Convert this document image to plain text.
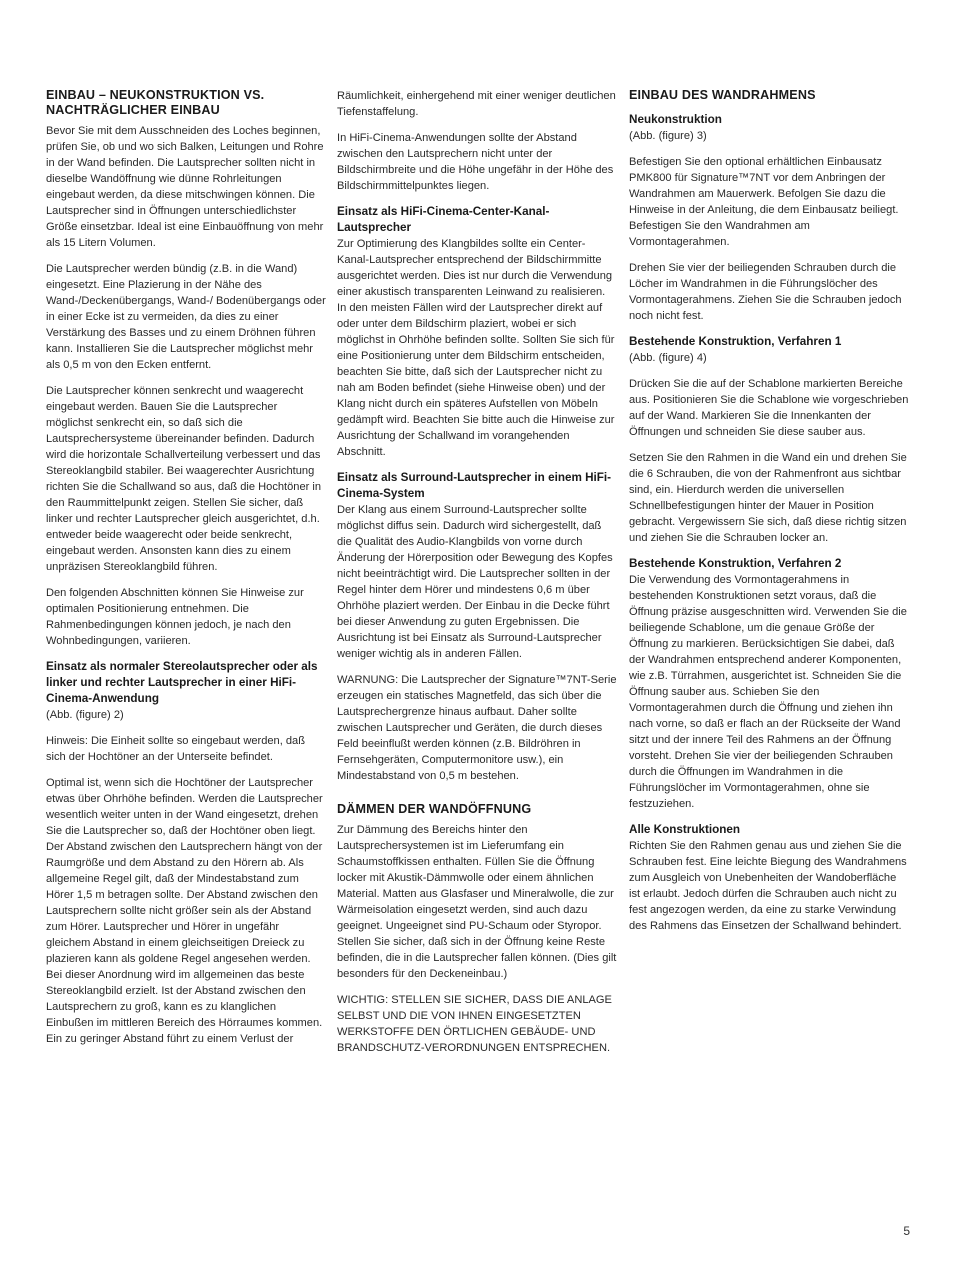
EINBAU – NEUKONSTRUKTION VS. NACHTRÄGLICHER EINBAU

Bevor Sie mit dem Ausschneiden des Loches beginnen, prüfen Sie, ob und wo sich Balken, Leitungen und Rohre in der Wand befinden. Die Lautsprecher sollten nicht in dieselbe Wandöffnung wie dünne Rohrleitungen eingebaut werden, da diese mitschwingen können. Die Lautsprecher sind in Öffnungen unterschiedlichster Größe einsetzbar. Ideal ist eine Einbauöffnung von mehr als 15 Litern Volumen.

Die Lautsprecher werden bündig (z.B. in die Wand) eingesetzt. Eine Plazierung in der Nähe des Wand-/Deckenübergangs, Wand-/ Bodenübergangs oder in einer Ecke ist zu vermeiden, da dies zu einer Verstärkung des Basses und zu einem Dröhnen führen kann. Installieren Sie die Lautsprecher möglichst mehr als 0,5 m von den Ecken entfernt.

Die Lautsprecher können senkrecht und waagerecht eingebaut werden. Bauen Sie die Lautsprecher möglichst senkrecht ein, so daß sich die Lautsprechersysteme übereinander befinden. Dadurch wird die horizontale Schallverteilung verbessert und das Stereoklangbild stabiler. Bei waagerechter Ausrichtung richten Sie die Schallwand so aus, daß die Hochtöner in den Raummittelpunkt zeigen. Stellen Sie sicher, daß linker und rechter Lautsprecher gleich ausgerichtet, d.h. entweder beide waagerecht oder beide senkrecht, eingebaut werden. Ansonsten kann dies zu einem unpräzisen Stereoklangbild führen.

Den folgenden Abschnitten können Sie Hinweise zur optimalen Positionierung entnehmen. Die Rahmenbedingungen können jedoch, je nach den Wohnbedingungen, variieren.

Einsatz als normaler Stereolautsprecher oder als linker und rechter Lautsprecher in einer HiFi-Cinema-Anwendung

(Abb. (figure) 2)

Hinweis: Die Einheit sollte so eingebaut werden, daß sich der Hochtöner an der Unterseite befindet.

Optimal ist, wenn sich die Hochtöner der Lautsprecher etwas über Ohrhöhe befinden. Werden die Lautsprecher wesentlich weiter unten in der Wand eingesetzt, drehen Sie die Lautsprecher so, daß der Hochtöner oben liegt. Der Abstand zwischen den Lautsprechern hängt von der Raumgröße und dem Abstand zu den Hörern ab. Als allgemeine Regel gilt, daß der Mindestabstand zum Hörer 1,5 m betragen sollte. Der Abstand zwischen den Lautsprechern sollte nicht größer sein als der Abstand zum Hörer. Lautsprecher und Hörer in ungefähr gleichem Abstand in einem gleichseitigen Dreieck zu plazieren kann als goldene Regel angesehen werden. Bei dieser Anordnung wird im allgemeinen das beste Stereoklangbild erzielt. Ist der Abstand zwischen den Lautsprechern zu groß, kann es zu klanglichen Einbußen im mittleren Bereich des Hörraumes kommen. Ein zu geringer Abstand führt zu einem Verlust der

Räumlichkeit, einhergehend mit einer weniger deutlichen Tiefenstaffelung.

In HiFi-Cinema-Anwendungen sollte der Abstand zwischen den Lautsprechern nicht unter der Bildschirmbreite und die Höhe ungefähr in der Höhe des Bildschirmmittelpunktes liegen.

Einsatz als HiFi-Cinema-Center-Kanal-Lautsprecher

Zur Optimierung des Klangbildes sollte ein Center-Kanal-Lautsprecher entsprechend der Bildschirmmitte ausgerichtet werden. Dies ist nur durch die Verwendung einer akustisch transparenten Leinwand zu realisieren. In den meisten Fällen wird der Lautsprecher direkt auf oder unter dem Bildschirm plaziert, wobei er sich möglichst in Ohrhöhe befinden sollte. Sollten Sie sich für eine Positionierung unter dem Bildschirm entscheiden, beachten Sie bitte, daß sich der Lautsprecher nicht zu nah am Boden befindet (siehe Hinweise oben) und der Klang nicht durch ein späteres Aufstellen von Möbeln gedämpft wird. Beachten Sie bitte auch die Hinweise zur Ausrichtung der Schallwand im vorangehenden Abschnitt.

Einsatz als Surround-Lautsprecher in einem HiFi-Cinema-System

Der Klang aus einem Surround-Lautsprecher sollte möglichst diffus sein. Dadurch wird sichergestellt, daß die Qualität des Audio-Klangbilds von vorne durch Änderung der Hörerposition oder Bewegung des Kopfes nicht beeinträchtigt wird. Die Lautsprecher sollten in der Regel hinter dem Hörer und mindestens 0,6 m über Ohrhöhe plaziert werden. Der Einbau in die Decke führt bei dieser Anwendung zu guten Ergebnissen. Die Ausrichtung ist bei Einsatz als Surround-Lautsprecher weniger wichtig als in anderen Fällen.

WARNUNG: Die Lautsprecher der Signature™7NT-Serie erzeugen ein statisches Magnetfeld, das sich über die Lautsprechergrenze hinaus aufbaut. Daher sollte zwischen Lautsprecher und Geräten, die durch dieses Feld beeinflußt werden können (z.B. Bildröhren in Fernsehgeräten, Computermonitore usw.), ein Mindestabstand von 0,5 m bestehen.

DÄMMEN DER WANDÖFFNUNG

Zur Dämmung des Bereichs hinter den Lautsprechersystemen ist im Lieferumfang ein Schaumstoffkissen enthalten. Füllen Sie die Öffnung locker mit Akustik-Dämmwolle oder einem ähnlichen Material. Matten aus Glasfaser und Mineralwolle, die zur Wärmeisolation eingesetzt werden, sind auch dazu geeignet. Ungeeignet sind PU-Schaum oder Styropor. Stellen Sie sicher, daß sich in der Öffnung keine Reste befinden, die in die Lautsprecher fallen können. (Dies gilt besonders für den Deckeneinbau.)

WICHTIG: STELLEN SIE SICHER, DASS DIE ANLAGE SELBST UND DIE VON IHNEN EINGESETZTEN WERKSTOFFE DEN ÖRTLICHEN GEBÄUDE- UND BRANDSCHUTZ-VERORDNUNGEN ENTSPRECHEN.

EINBAU DES WANDRAHMENS
Neukonstruktion

(Abb. (figure) 3)

Befestigen Sie den optional erhältlichen Einbausatz PMK800 für Signature™7NT vor dem Anbringen der Wandrahmen am Mauerwerk. Befolgen Sie dazu die Hinweise in der Anleitung, die dem Einbausatz beiliegt. Befestigen Sie den Wandrahmen am Vormontagerahmen.

Drehen Sie vier der beiliegenden Schrauben durch die Löcher im Wandrahmen in die Führungslöcher des Vormontagerahmens. Ziehen Sie die Schrauben jedoch noch nicht fest.

Bestehende Konstruktion, Verfahren 1

(Abb. (figure) 4)

Drücken Sie die auf der Schablone markierten Bereiche aus. Positionieren Sie die Schablone wie vorgeschrieben auf der Wand. Markieren Sie die Innenkanten der Öffnungen und schneiden Sie diese sauber aus.

Setzen Sie den Rahmen in die Wand ein und drehen Sie die 6 Schrauben, die von der Rahmenfront aus sichtbar sind, ein. Hierdurch werden die universellen Schnellbefestigungen hinter der Mauer in Position gebracht. Vergewissern Sie sich, daß diese richtig sitzen und ziehen Sie die Schrauben locker an.

Bestehende Konstruktion, Verfahren 2

Die Verwendung des Vormontagerahmens in bestehenden Konstruktionen setzt voraus, daß die Öffnung präzise ausgeschnitten wird. Verwenden Sie die beiliegende Schablone, um die genaue Größe der Öffnung zu markieren. Berücksichtigen Sie dabei, daß der Wandrahmen entsprechend anderer Komponenten, wie z.B. Türrahmen, ausgerichtet ist. Schneiden Sie die Öffnung sauber aus. Schieben Sie den Vormontagerahmen durch die Öffnung und ziehen ihn nach vorne, so daß er flach an der Rückseite der Wand sitzt und der innere Teil des Rahmens an der Öffnung vorsteht. Drehen Sie vier der beiliegenden Schrauben durch die Öffnungen im Wandrahmen in die Führungslöcher im Vormontagerahmen, ohne sie festzuziehen.

Alle Konstruktionen

Richten Sie den Rahmen genau aus und ziehen Sie die Schrauben fest. Eine leichte Biegung des Wandrahmens zum Ausgleich von Unebenheiten der Wandoberfläche ist erlaubt. Jedoch dürfen die Schrauben auch nicht zu fest angezogen werden, da eine zu starke Verwindung des Rahmens das Einsetzen der Schallwand behindert.

5
